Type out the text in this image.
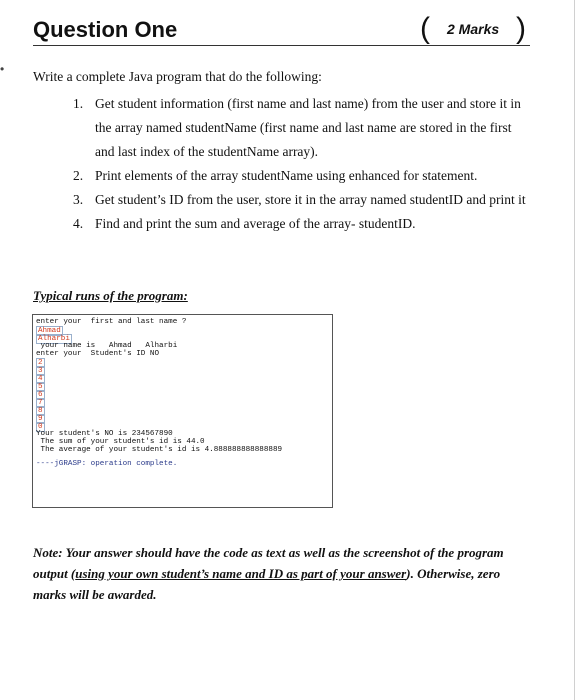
•
Question One	( 2 Marks )
Write a complete Java program that do the following:
1. Get student information (first name and last name) from the user and store it in the array named studentName (first name and last name are stored in the first and last index of the studentName array).
2. Print elements of the array studentName using enhanced for statement.
3. Get student’s ID from the user, store it in the array named studentID and print it
4. Find and print the sum and average of the array- studentID.
Typical runs of the program:
enter your  first and last name ?
Ahmad
Alharbi
your name is   Ahmad   Alharbi
enter your  Student's ID NO
2
3
4
5
6
7
8
9
0
Your student's NO is 234567890
The sum of your student's id is 44.0
The average of your student's id is 4.888888888888889
----jGRASP: operation complete.
Note: Your answer should have the code as text as well as the screenshot of the program output (using your own student’s name and ID as part of your answer). Otherwise, zero marks will be awarded.
